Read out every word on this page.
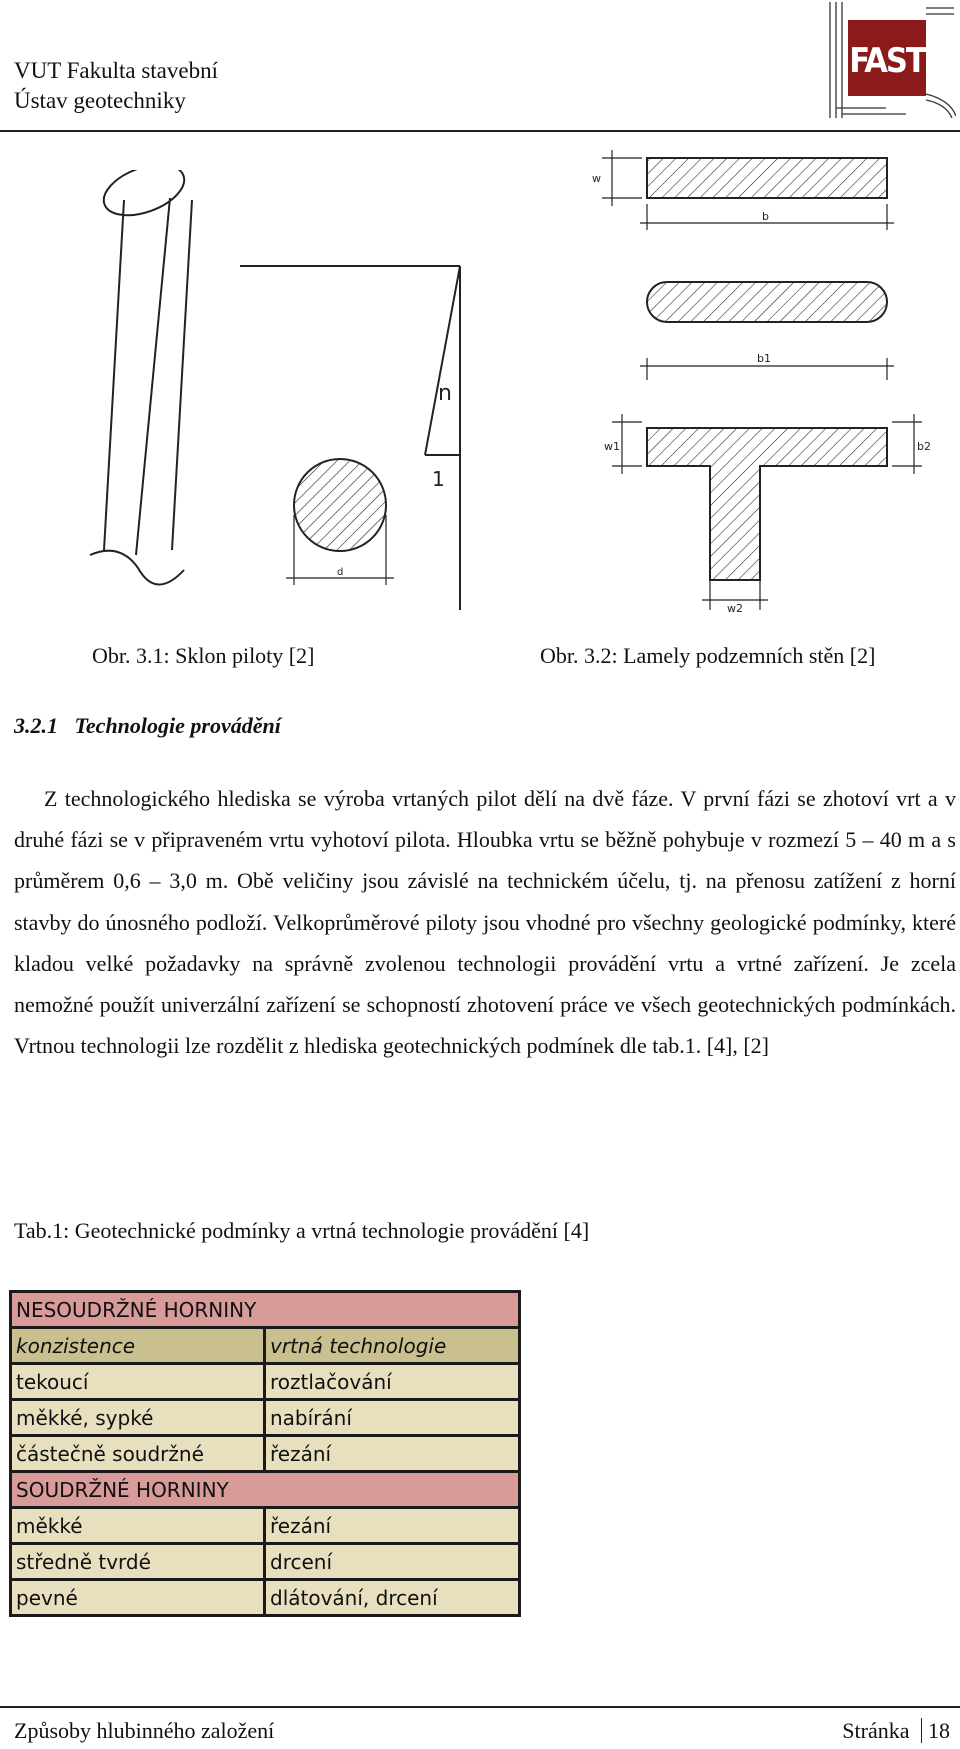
VUT Fakulta stavební
Ústav geotechniky
FAST
n
1
d
w
b
b1
w1	b2
w2
Obr. 3.1: Sklon piloty [2]	Obr. 3.2: Lamely podzemních stěn [2]
3.2.1 Technologie provádění

Z technologického hlediska se výroba vrtaných pilot dělí na dvě fáze. V první fázi se zhotoví vrt a v druhé fázi se v připraveném vrtu vyhotoví pilota. Hloubka vrtu se běžně pohybuje v rozmezí 5 – 40 m a s průměrem 0,6 – 3,0 m. Obě veličiny jsou závislé na technickém účelu, tj. na přenosu zatížení z horní stavby do únosného podloží. Velkoprůměrové piloty jsou vhodné pro všechny geologické podmínky, které kladou velké požadavky na správně zvolenou technologii provádění vrtu a vrtné zařízení. Je zcela nemožné použít univerzální zařízení se schopností zhotovení práce ve všech geotechnických podmínkách. Vrtnou technologii lze rozdělit z hlediska geotechnických podmínek dle tab.1. [4], [2]

Tab.1: Geotechnické podmínky a vrtná technologie provádění [4]
NESOUDRŽNÉ HORNINY	
konzistence	vrtná technologie
tekoucí	roztlačování
měkké, sypké	nabírání
částečně soudržné	řezání
SOUDRŽNÉ HORNINY	
měkké	řezání
středně tvrdé	drcení
pevné	dlátování, drcení
Způsoby hlubinného založení	Stránka 18
